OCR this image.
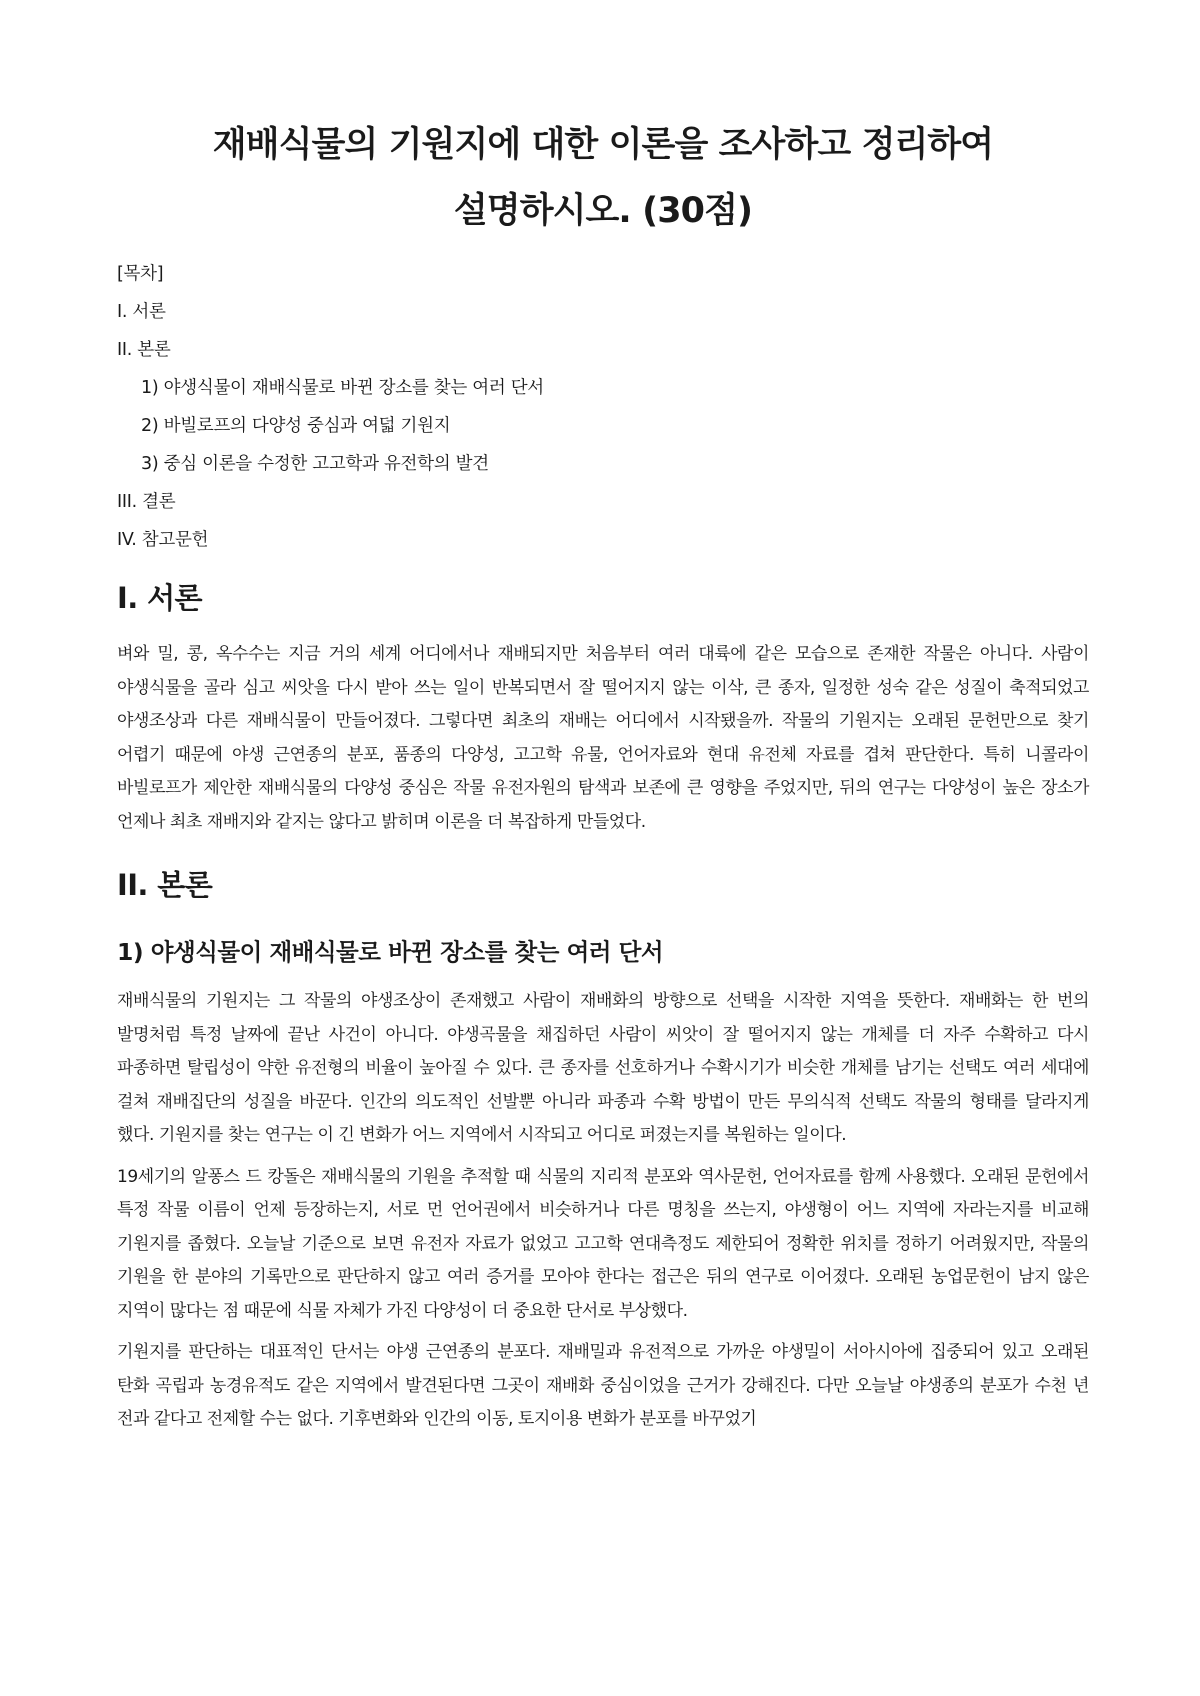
재배식물의 기원지에 대한 이론을 조사하고 정리하여 설명하시오. (30점)
[목차]
I. 서론
II. 본론
1) 야생식물이 재배식물로 바뀐 장소를 찾는 여러 단서
2) 바빌로프의 다양성 중심과 여덟 기원지
3) 중심 이론을 수정한 고고학과 유전학의 발견
III. 결론
IV. 참고문헌
I. 서론

벼와 밀, 콩, 옥수수는 지금 거의 세계 어디에서나 재배되지만 처음부터 여러 대륙에 같은 모습으로 존재한 작물은 아니다. 사람이 야생식물을 골라 심고 씨앗을 다시 받아 쓰는 일이 반복되면서 잘 떨어지지 않는 이삭, 큰 종자, 일정한 성숙 같은 성질이 축적되었고 야생조상과 다른 재배식물이 만들어졌다. 그렇다면 최초의 재배는 어디에서 시작됐을까. 작물의 기원지는 오래된 문헌만으로 찾기 어렵기 때문에 야생 근연종의 분포, 품종의 다양성, 고고학 유물, 언어자료와 현대 유전체 자료를 겹쳐 판단한다. 특히 니콜라이 바빌로프가 제안한 재배식물의 다양성 중심은 작물 유전자원의 탐색과 보존에 큰 영향을 주었지만, 뒤의 연구는 다양성이 높은 장소가 언제나 최초 재배지와 같지는 않다고 밝히며 이론을 더 복잡하게 만들었다.

II. 본론
1) 야생식물이 재배식물로 바뀐 장소를 찾는 여러 단서

재배식물의 기원지는 그 작물의 야생조상이 존재했고 사람이 재배화의 방향으로 선택을 시작한 지역을 뜻한다. 재배화는 한 번의 발명처럼 특정 날짜에 끝난 사건이 아니다. 야생곡물을 채집하던 사람이 씨앗이 잘 떨어지지 않는 개체를 더 자주 수확하고 다시 파종하면 탈립성이 약한 유전형의 비율이 높아질 수 있다. 큰 종자를 선호하거나 수확시기가 비슷한 개체를 남기는 선택도 여러 세대에 걸쳐 재배집단의 성질을 바꾼다. 인간의 의도적인 선발뿐 아니라 파종과 수확 방법이 만든 무의식적 선택도 작물의 형태를 달라지게 했다. 기원지를 찾는 연구는 이 긴 변화가 어느 지역에서 시작되고 어디로 퍼졌는지를 복원하는 일이다.

19세기의 알퐁스 드 캉돌은 재배식물의 기원을 추적할 때 식물의 지리적 분포와 역사문헌, 언어자료를 함께 사용했다. 오래된 문헌에서 특정 작물 이름이 언제 등장하는지, 서로 먼 언어권에서 비슷하거나 다른 명칭을 쓰는지, 야생형이 어느 지역에 자라는지를 비교해 기원지를 좁혔다. 오늘날 기준으로 보면 유전자 자료가 없었고 고고학 연대측정도 제한되어 정확한 위치를 정하기 어려웠지만, 작물의 기원을 한 분야의 기록만으로 판단하지 않고 여러 증거를 모아야 한다는 접근은 뒤의 연구로 이어졌다. 오래된 농업문헌이 남지 않은 지역이 많다는 점 때문에 식물 자체가 가진 다양성이 더 중요한 단서로 부상했다.

기원지를 판단하는 대표적인 단서는 야생 근연종의 분포다. 재배밀과 유전적으로 가까운 야생밀이 서아시아에 집중되어 있고 오래된 탄화 곡립과 농경유적도 같은 지역에서 발견된다면 그곳이 재배화 중심이었을 근거가 강해진다. 다만 오늘날 야생종의 분포가 수천 년 전과 같다고 전제할 수는 없다. 기후변화와 인간의 이동, 토지이용 변화가 분포를 바꾸었기
